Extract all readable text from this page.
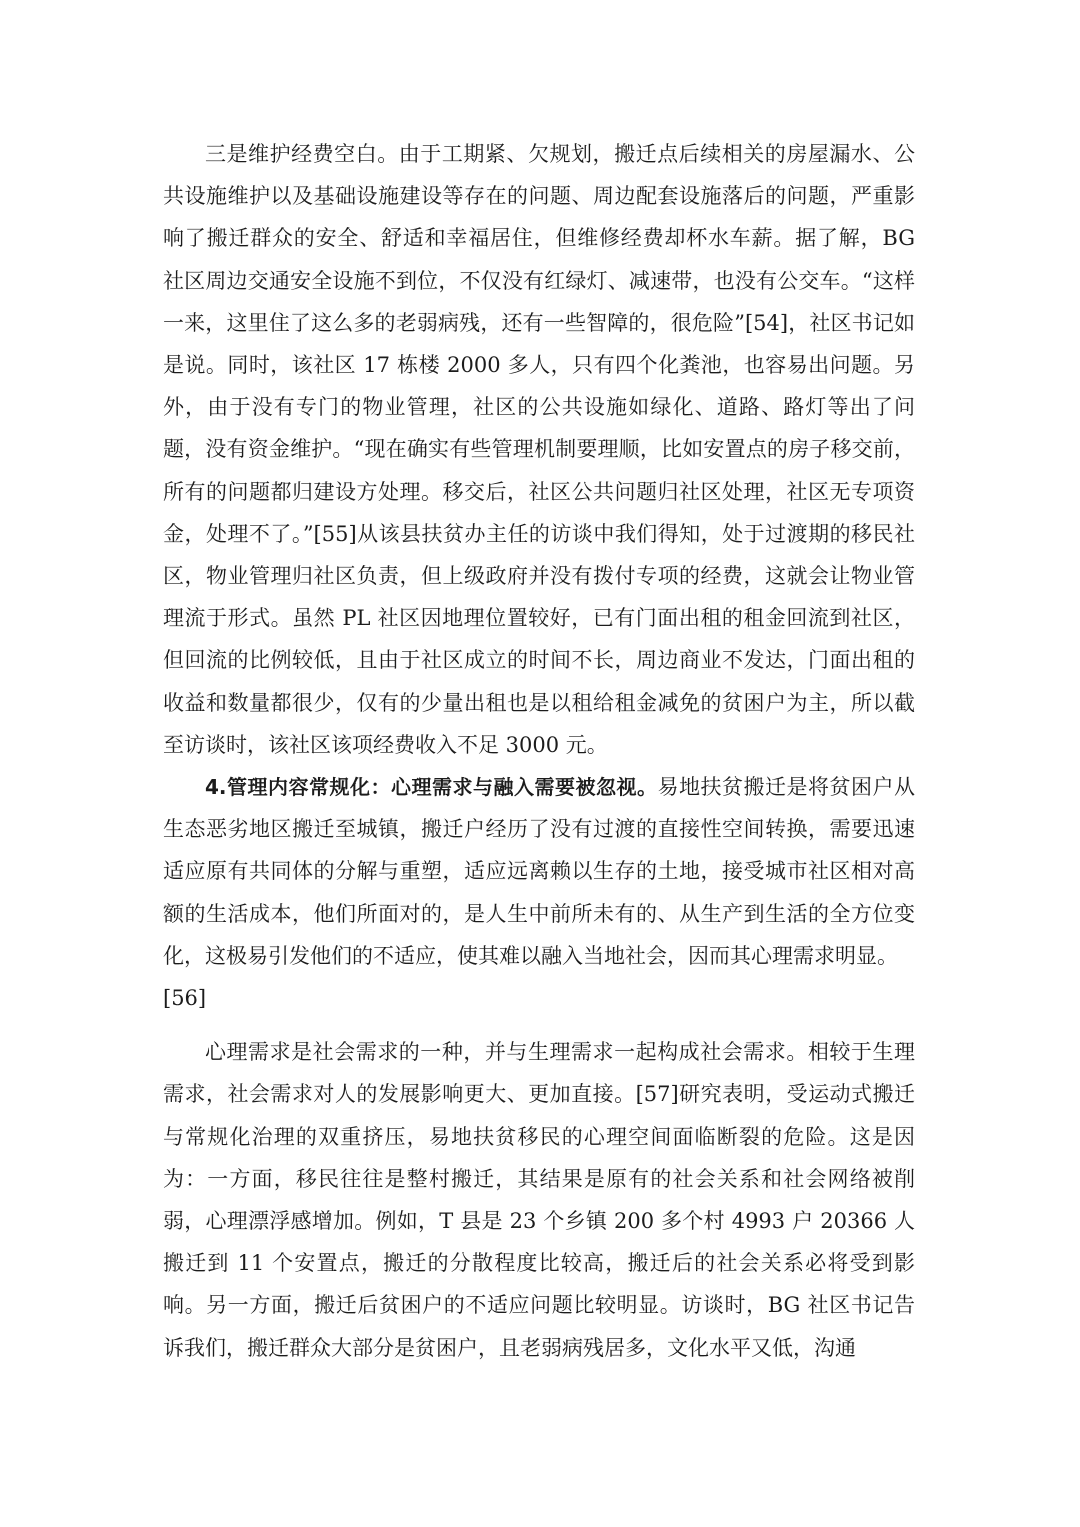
三是维护经费空白。由于工期紧、欠规划，搬迁点后续相关的房屋漏水、公共设施维护以及基础设施建设等存在的问题、周边配套设施落后的问题，严重影响了搬迁群众的安全、舒适和幸福居住，但维修经费却杯水车薪。据了解，BG 社区周边交通安全设施不到位，不仅没有红绿灯、减速带，也没有公交车。“这样一来，这里住了这么多的老弱病残，还有一些智障的，很危险”[54]，社区书记如是说。同时，该社区 17 栋楼 2000 多人，只有四个化粪池，也容易出问题。另外，由于没有专门的物业管理，社区的公共设施如绿化、道路、路灯等出了问题，没有资金维护。“现在确实有些管理机制要理顺，比如安置点的房子移交前，所有的问题都归建设方处理。移交后，社区公共问题归社区处理，社区无专项资金，处理不了。”[55]从该县扶贫办主任的访谈中我们得知，处于过渡期的移民社区，物业管理归社区负责，但上级政府并没有拨付专项的经费，这就会让物业管理流于形式。虽然 PL 社区因地理位置较好，已有门面出租的租金回流到社区，但回流的比例较低，且由于社区成立的时间不长，周边商业不发达，门面出租的收益和数量都很少，仅有的少量出租也是以租给租金减免的贫困户为主，所以截至访谈时，该社区该项经费收入不足 3000 元。

4.管理内容常规化：心理需求与融入需要被忽视。易地扶贫搬迁是将贫困户从生态恶劣地区搬迁至城镇，搬迁户经历了没有过渡的直接性空间转换，需要迅速适应原有共同体的分解与重塑，适应远离赖以生存的土地，接受城市社区相对高额的生活成本，他们所面对的，是人生中前所未有的、从生产到生活的全方位变化，这极易引发他们的不适应，使其难以融入当地社会，因而其心理需求明显。

[56]

心理需求是社会需求的一种，并与生理需求一起构成社会需求。相较于生理需求，社会需求对人的发展影响更大、更加直接。[57]研究表明，受运动式搬迁与常规化治理的双重挤压，易地扶贫移民的心理空间面临断裂的危险。这是因为：一方面，移民往往是整村搬迁，其结果是原有的社会关系和社会网络被削弱，心理漂浮感增加。例如，T 县是 23 个乡镇 200 多个村 4993 户 20366 人搬迁到 11 个安置点，搬迁的分散程度比较高，搬迁后的社会关系必将受到影响。另一方面，搬迁后贫困户的不适应问题比较明显。访谈时，BG 社区书记告诉我们，搬迁群众大部分是贫困户，且老弱病残居多，文化水平又低，沟通
